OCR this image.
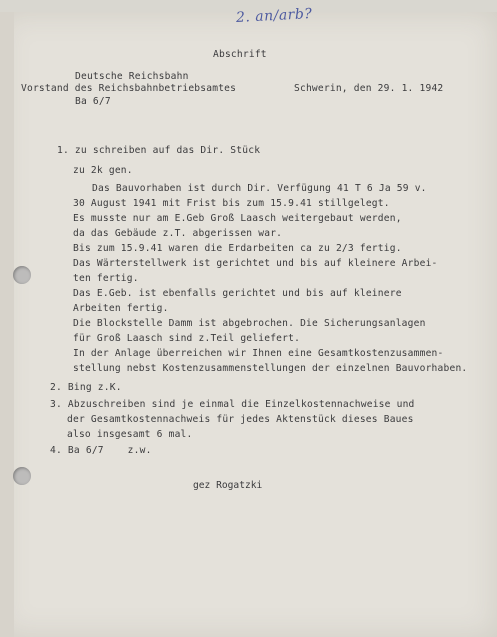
2. an/arb?
Abschrift
Deutsche Reichsbahn
Vorstand des Reichsbahnbetriebsamtes
Ba 6/7
Schwerin, den 29. 1. 1942
1. zu schreiben auf das Dir. Stück
zu 2k gen.
Das Bauvorhaben ist durch Dir. Verfügung 41 T 6 Ja 59 v.
30 August 1941 mit Frist bis zum 15.9.41 stillgelegt.
Es musste nur am E.Geb Groß Laasch weitergebaut werden,
da das Gebäude z.T. abgerissen war.
Bis zum 15.9.41 waren die Erdarbeiten ca zu 2/3 fertig.
Das Wärterstellwerk ist gerichtet und bis auf kleinere Arbei-
ten fertig.
Das E.Geb. ist ebenfalls gerichtet und bis auf kleinere
Arbeiten fertig.
Die Blockstelle Damm ist abgebrochen. Die Sicherungsanlagen
für Groß Laasch sind z.Teil geliefert.
In der Anlage überreichen wir Ihnen eine Gesamtkostenzusammen-
stellung nebst Kostenzusammenstellungen der einzelnen Bauvorhaben.
2. Bing z.K.
3. Abzuschreiben sind je einmal die Einzelkostennachweise und
der Gesamtkostennachweis für jedes Aktenstück dieses Baues
also insgesamt 6 mal.
4. Ba 6/7    z.w.
gez Rogatzki
